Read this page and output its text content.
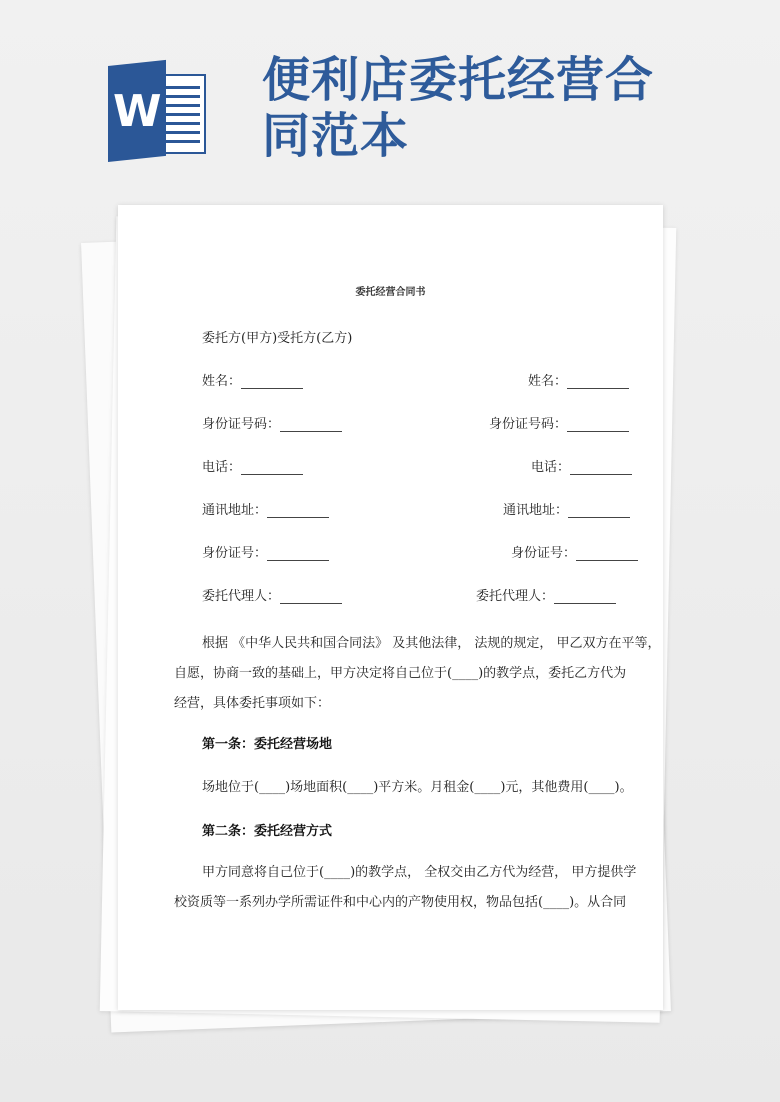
W
便利店委托经营合
同范本
委托经营合同书
委托方(甲方)受托方(乙方)
姓名：	姓名：
身份证号码：	身份证号码：
电话：	电话：
通讯地址：	通讯地址：
身份证号：	身份证号：
委托代理人：	委托代理人：
根据 《中华人民共和国合同法》 及其他法律， 法规的规定， 甲乙双方在平等，
自愿，协商一致的基础上，甲方决定将自己位于(____)的教学点，委托乙方代为
经营，具体委托事项如下：
第一条：委托经营场地
场地位于(____)场地面积(____)平方米。月租金(____)元，其他费用(____)。
第二条：委托经营方式
甲方同意将自己位于(____)的教学点， 全权交由乙方代为经营， 甲方提供学
校资质等一系列办学所需证件和中心内的产物使用权，物品包括(____)。从合同
